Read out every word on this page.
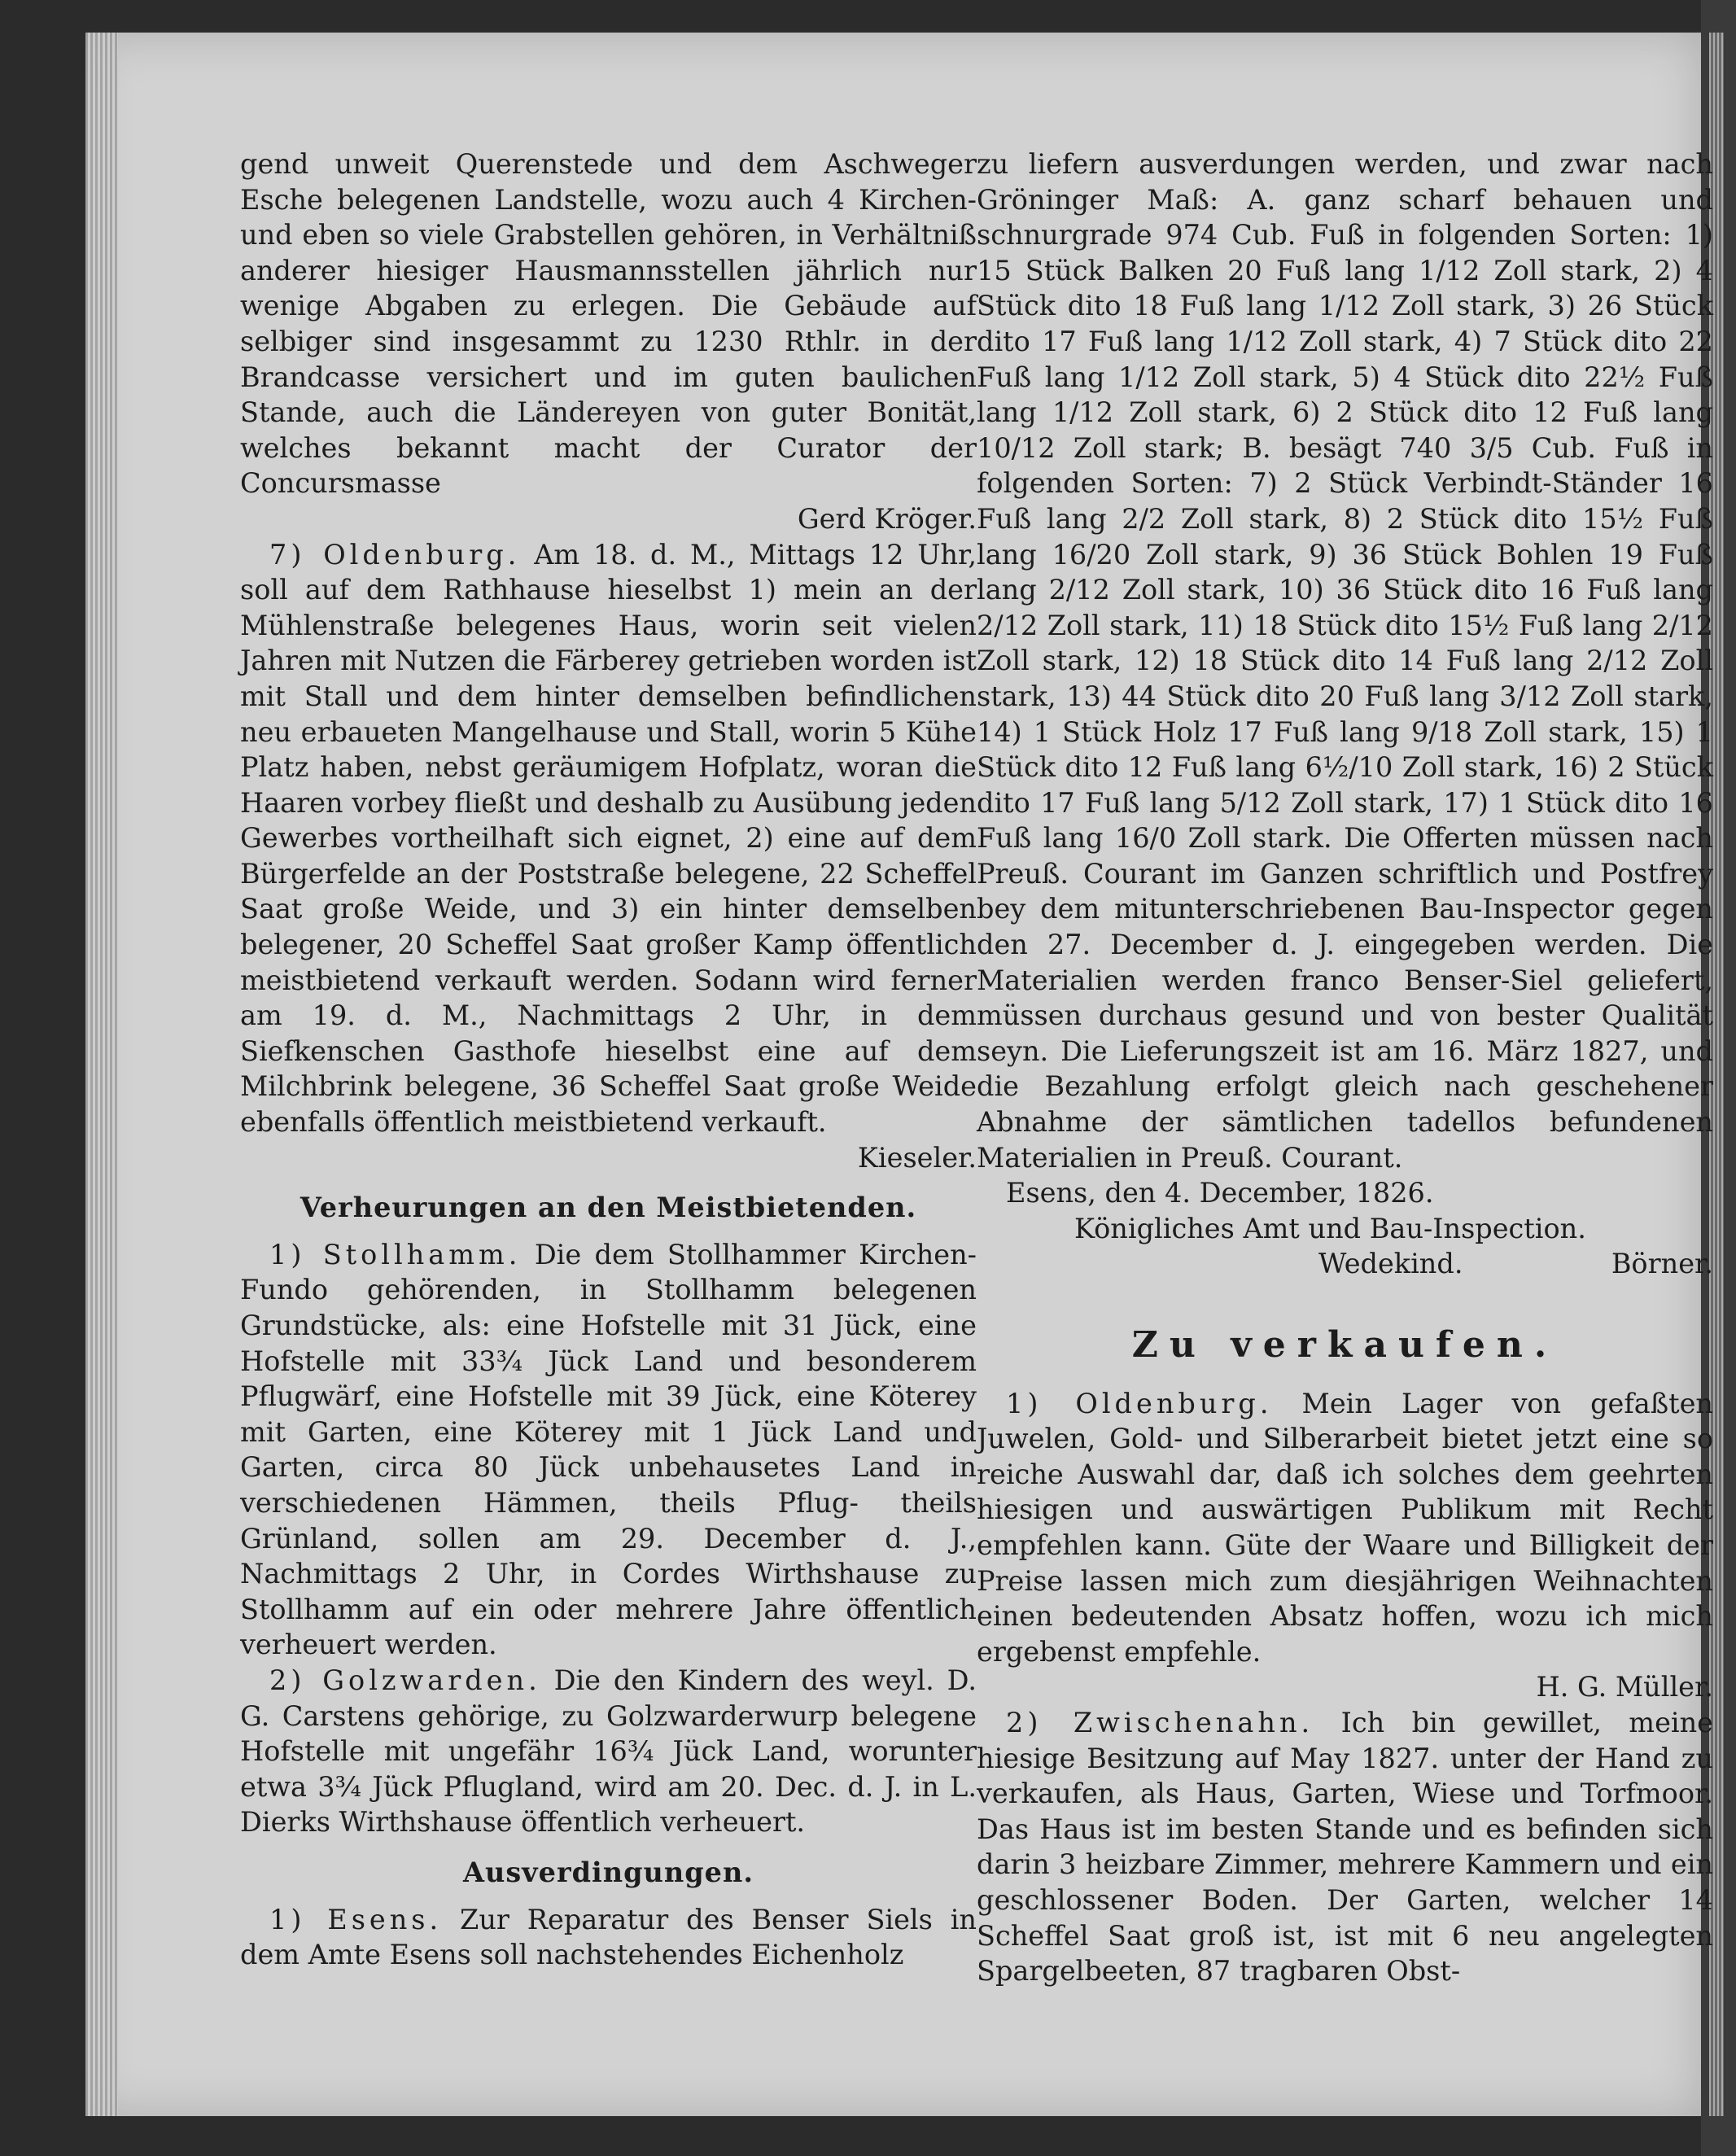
gend unweit Querenstede und dem Aschweger Esche belegenen Landstelle, wozu auch 4 Kirchen- und eben so viele Grabstellen gehören, in Verhältniß anderer hiesiger Hausmannsstellen jährlich nur wenige Abgaben zu erlegen. Die Gebäude auf selbiger sind insgesammt zu 1230 Rthlr. in der Brandcasse versichert und im guten baulichen Stande, auch die Ländereyen von guter Bonität, welches bekannt macht der Curator der Concursmasse

Gerd Kröger.

7) Oldenburg. Am 18. d. M., Mittags 12 Uhr, soll auf dem Rathhause hieselbst 1) mein an der Mühlenstraße belegenes Haus, worin seit vielen Jahren mit Nutzen die Färberey getrieben worden ist mit Stall und dem hinter demselben befindlichen neu erbaueten Mangelhause und Stall, worin 5 Kühe Platz haben, nebst geräumigem Hofplatz, woran die Haaren vorbey fließt und deshalb zu Ausübung jeden Gewerbes vortheilhaft sich eignet, 2) eine auf dem Bürgerfelde an der Poststraße belegene, 22 Scheffel Saat große Weide, und 3) ein hinter demselben belegener, 20 Scheffel Saat großer Kamp öffentlich meistbietend verkauft werden. Sodann wird ferner am 19. d. M., Nachmittags 2 Uhr, in dem Siefkenschen Gasthofe hieselbst eine auf dem Milchbrink belegene, 36 Scheffel Saat große Weide ebenfalls öffentlich meistbietend verkauft.

Kieseler.

Verheurungen an den Meistbietenden.

1) Stollhamm. Die dem Stollhammer Kirchen-Fundo gehörenden, in Stollhamm belegenen Grundstücke, als: eine Hofstelle mit 31 Jück, eine Hofstelle mit 33¾ Jück Land und besonderem Pflugwärf, eine Hofstelle mit 39 Jück, eine Köterey mit Garten, eine Köterey mit 1 Jück Land und Garten, circa 80 Jück unbehausetes Land in verschiedenen Hämmen, theils Pflug- theils Grünland, sollen am 29. December d. J., Nachmittags 2 Uhr, in Cordes Wirthshause zu Stollhamm auf ein oder mehrere Jahre öffentlich verheuert werden.

2) Golzwarden. Die den Kindern des weyl. D. G. Carstens gehörige, zu Golzwarderwurp belegene Hofstelle mit ungefähr 16¾ Jück Land, worunter etwa 3¾ Jück Pflugland, wird am 20. Dec. d. J. in L. Dierks Wirthshause öffentlich verheuert.

Ausverdingungen.

1) Esens. Zur Reparatur des Benser Siels in dem Amte Esens soll nachstehendes Eichenholz

zu liefern ausverdungen werden, und zwar nach Gröninger Maß: A. ganz scharf behauen und schnurgrade 974 Cub. Fuß in folgenden Sorten: 1) 15 Stück Balken 20 Fuß lang 1/12 Zoll stark, 2) 4 Stück dito 18 Fuß lang 1/12 Zoll stark, 3) 26 Stück dito 17 Fuß lang 1/12 Zoll stark, 4) 7 Stück dito 22 Fuß lang 1/12 Zoll stark, 5) 4 Stück dito 22½ Fuß lang 1/12 Zoll stark, 6) 2 Stück dito 12 Fuß lang 10/12 Zoll stark; B. besägt 740 3/5 Cub. Fuß in folgenden Sorten: 7) 2 Stück Verbindt-Ständer 16 Fuß lang 2/2 Zoll stark, 8) 2 Stück dito 15½ Fuß lang 16/20 Zoll stark, 9) 36 Stück Bohlen 19 Fuß lang 2/12 Zoll stark, 10) 36 Stück dito 16 Fuß lang 2/12 Zoll stark, 11) 18 Stück dito 15½ Fuß lang 2/12 Zoll stark, 12) 18 Stück dito 14 Fuß lang 2/12 Zoll stark, 13) 44 Stück dito 20 Fuß lang 3/12 Zoll stark, 14) 1 Stück Holz 17 Fuß lang 9/18 Zoll stark, 15) 1 Stück dito 12 Fuß lang 6½/10 Zoll stark, 16) 2 Stück dito 17 Fuß lang 5/12 Zoll stark, 17) 1 Stück dito 16 Fuß lang 16/0 Zoll stark. Die Offerten müssen nach Preuß. Courant im Ganzen schriftlich und Postfrey bey dem mitunterschriebenen Bau-Inspector gegen den 27. December d. J. eingegeben werden. Die Materialien werden franco Benser-Siel geliefert, müssen durchaus gesund und von bester Qualität seyn. Die Lieferungszeit ist am 16. März 1827, und die Bezahlung erfolgt gleich nach geschehener Abnahme der sämtlichen tadellos befundenen Materialien in Preuß. Courant.

Esens, den 4. December, 1826.

Königliches Amt und Bau-Inspection.

Wedekind.	Börner.
Zu verkaufen.

1) Oldenburg. Mein Lager von gefaßten Juwelen, Gold- und Silberarbeit bietet jetzt eine so reiche Auswahl dar, daß ich solches dem geehrten hiesigen und auswärtigen Publikum mit Recht empfehlen kann. Güte der Waare und Billigkeit der Preise lassen mich zum diesjährigen Weihnachten einen bedeutenden Absatz hoffen, wozu ich mich ergebenst empfehle.

H. G. Müller.

2) Zwischenahn. Ich bin gewillet, meine hiesige Besitzung auf May 1827. unter der Hand zu verkaufen, als Haus, Garten, Wiese und Torfmoor. Das Haus ist im besten Stande und es befinden sich darin 3 heizbare Zimmer, mehrere Kammern und ein geschlossener Boden. Der Garten, welcher 14 Scheffel Saat groß ist, ist mit 6 neu angelegten Spargelbeeten, 87 tragbaren Obst-
